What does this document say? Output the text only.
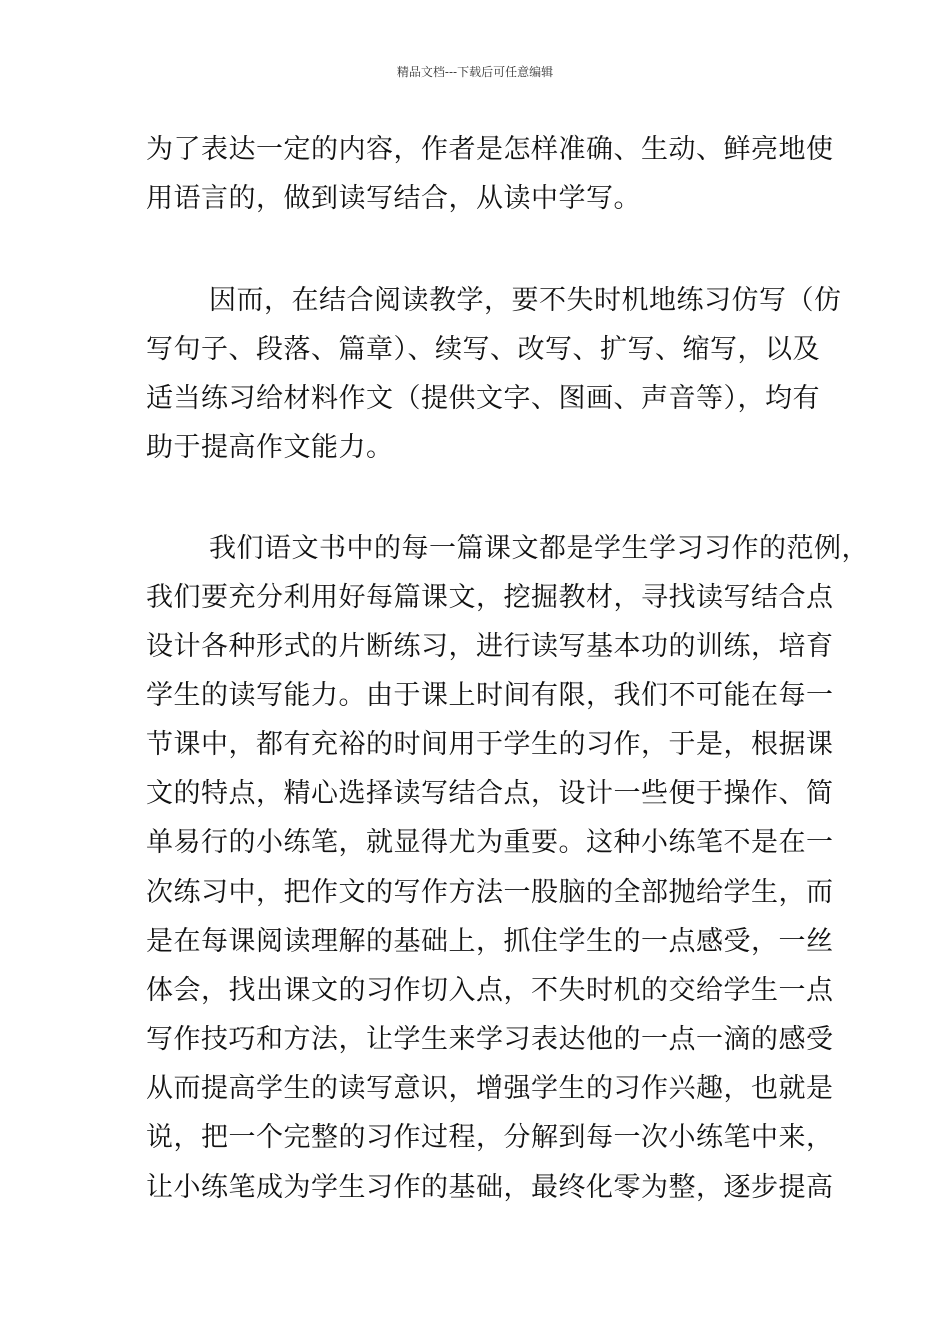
精品文档---下载后可任意编辑
为了表达一定的内容，作者是怎样准确、生动、鲜亮地使
用语言的，做到读写结合，从读中学写。
因而，在结合阅读教学，要不失时机地练习仿写（仿
写句子、段落、篇章）、续写、改写、扩写、缩写，以及
适当练习给材料作文（提供文字、图画、声音等），均有
助于提高作文能力。
我们语文书中的每一篇课文都是学生学习习作的范例，
我们要充分利用好每篇课文，挖掘教材，寻找读写结合点
设计各种形式的片断练习，进行读写基本功的训练，培育
学生的读写能力。由于课上时间有限，我们不可能在每一
节课中，都有充裕的时间用于学生的习作，于是，根据课
文的特点，精心选择读写结合点，设计一些便于操作、简
单易行的小练笔，就显得尤为重要。这种小练笔不是在一
次练习中，把作文的写作方法一股脑的全部抛给学生，而
是在每课阅读理解的基础上，抓住学生的一点感受，一丝
体会，找出课文的习作切入点，不失时机的交给学生一点
写作技巧和方法，让学生来学习表达他的一点一滴的感受
从而提高学生的读写意识，增强学生的习作兴趣，也就是
说，把一个完整的习作过程，分解到每一次小练笔中来，
让小练笔成为学生习作的基础，最终化零为整，逐步提高
